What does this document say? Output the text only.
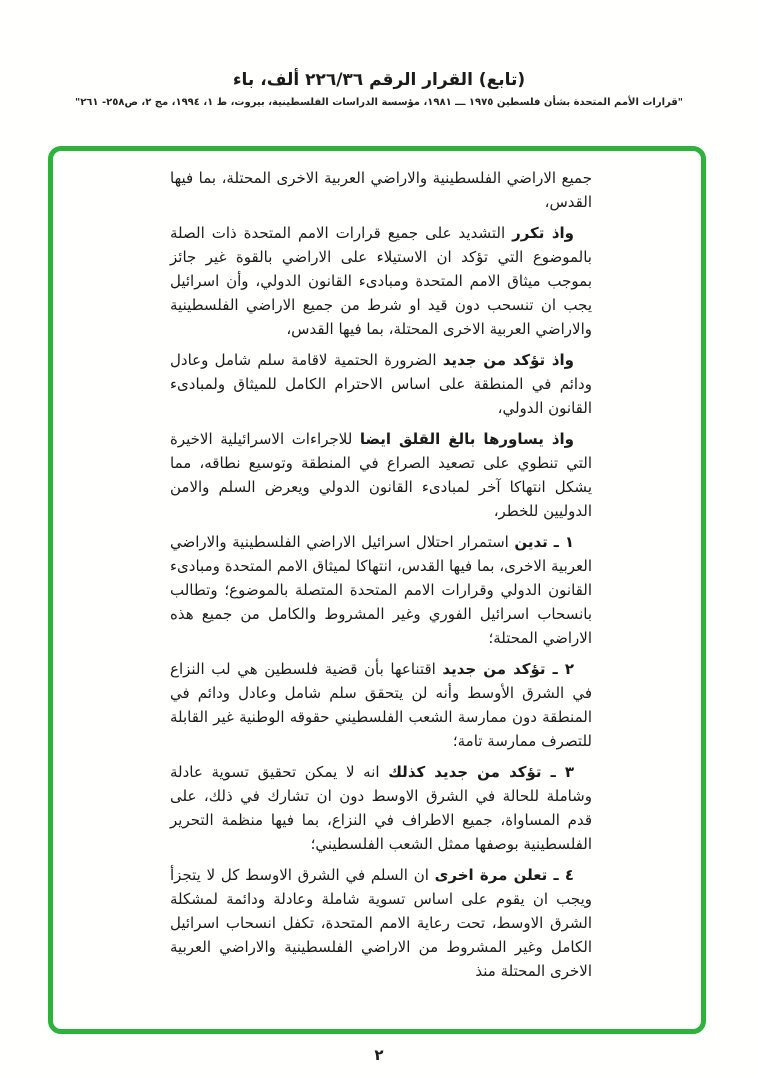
(تابع) القرار الرقم ٢٢٦/٣٦ ألف، باء
"قرارات الأمم المتحدة بشأن فلسطين ١٩٧٥ ـــ ١٩٨١، مؤسسة الدراسات الفلسطينية، بيروت، ط ١، ١٩٩٤، مج ٢، ص٢٥٨- ٢٦١"

جميع الاراضي الفلسطينية والاراضي العربية الاخرى المحتلة، بما فيها القدس،

واذ تكرر التشديد على جميع قرارات الامم المتحدة ذات الصلة بالموضوع التي تؤكد ان الاستيلاء على الاراضي بالقوة غير جائز بموجب ميثاق الامم المتحدة ومبادىء القانون الدولي، وأن اسرائيل يجب ان تنسحب دون قيد او شرط من جميع الاراضي الفلسطينية والاراضي العربية الاخرى المحتلة، بما فيها القدس،

واذ تؤكد من جديد الضرورة الحتمية لاقامة سلم شامل وعادل ودائم في المنطقة على اساس الاحترام الكامل للميثاق ولمبادىء القانون الدولي،

واذ يساورها بالغ القلق ايضا للاجراءات الاسرائيلية الاخيرة التي تنطوي على تصعيد الصراع في المنطقة وتوسيع نطاقه، مما يشكل انتهاكا آخر لمبادىء القانون الدولي ويعرض السلم والامن الدوليين للخطر،

١ ـ تدين استمرار احتلال اسرائيل الاراضي الفلسطينية والاراضي العربية الاخرى، بما فيها القدس، انتهاكا لميثاق الامم المتحدة ومبادىء القانون الدولي وقرارات الامم المتحدة المتصلة بالموضوع؛ وتطالب بانسحاب اسرائيل الفوري وغير المشروط والكامل من جميع هذه الاراضي المحتلة؛

٢ ـ تؤكد من جديد اقتناعها بأن قضية فلسطين هي لب النزاع في الشرق الأوسط وأنه لن يتحقق سلم شامل وعادل ودائم في المنطقة دون ممارسة الشعب الفلسطيني حقوقه الوطنية غير القابلة للتصرف ممارسة تامة؛

٣ ـ تؤكد من جديد كذلك انه لا يمكن تحقيق تسوية عادلة وشاملة للحالة في الشرق الاوسط دون ان تشارك في ذلك، على قدم المساواة، جميع الاطراف في النزاع، بما فيها منظمة التحرير الفلسطينية بوصفها ممثل الشعب الفلسطيني؛

٤ ـ تعلن مرة اخرى ان السلم في الشرق الاوسط كل لا يتجزأ ويجب ان يقوم على اساس تسوية شاملة وعادلة ودائمة لمشكلة الشرق الاوسط، تحت رعاية الامم المتحدة، تكفل انسحاب اسرائيل الكامل وغير المشروط من الاراضي الفلسطينية والاراضي العربية الاخرى المحتلة منذ

٢
